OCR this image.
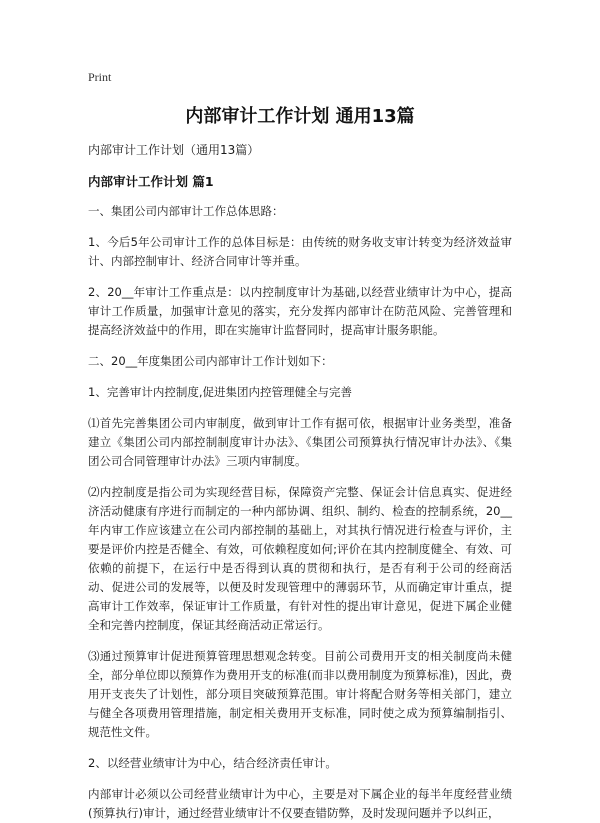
Print
内部审计工作计划 通用13篇
内部审计工作计划（通用13篇）
内部审计工作计划 篇1
一、集团公司内部审计工作总体思路：
1、今后5年公司审计工作的总体目标是：由传统的财务收支审计转变为经济效益审计、内部控制审计、经济合同审计等并重。
2、20__年审计工作重点是：以内控制度审计为基础,以经营业绩审计为中心，提高审计工作质量，加强审计意见的落实，充分发挥内部审计在防范风险、完善管理和提高经济效益中的作用，即在实施审计监督同时，提高审计服务职能。
二、20__年度集团公司内部审计工作计划如下：
1、完善审计内控制度,促进集团内控管理健全与完善
⑴首先完善集团公司内审制度，做到审计工作有据可依，根据审计业务类型，准备建立《集团公司内部控制制度审计办法》、《集团公司预算执行情况审计办法》、《集团公司合同管理审计办法》三项内审制度。
⑵内控制度是指公司为实现经营目标，保障资产完整、保证会计信息真实、促进经济活动健康有序进行而制定的一种内部协调、组织、制约、检查的控制系统，20__年内审工作应该建立在公司内部控制的基础上，对其执行情况进行检查与评价，主要是评价内控是否健全、有效，可依赖程度如何;评价在其内控制度健全、有效、可依赖的前提下，在运行中是否得到认真的贯彻和执行，是否有利于公司的经商活动、促进公司的发展等，以便及时发现管理中的薄弱环节，从而确定审计重点，提高审计工作效率，保证审计工作质量，有针对性的提出审计意见，促进下属企业健全和完善内控制度，保证其经商活动正常运行。
⑶通过预算审计促进预算管理思想观念转变。目前公司费用开支的相关制度尚未健全，部分单位即以预算作为费用开支的标准(而非以费用制度为预算标准)，因此，费用开支丧失了计划性，部分项目突破预算范围。审计将配合财务等相关部门，建立与健全各项费用管理措施，制定相关费用开支标准，同时使之成为预算编制指引、规范性文件。
2、以经营业绩审计为中心，结合经济责任审计。
内部审计必须以公司经营业绩审计为中心，主要是对下属企业的每半年度经营业绩(预算执行)审计，通过经营业绩审计不仅要查错防弊，及时发现问题并予以纠正，
